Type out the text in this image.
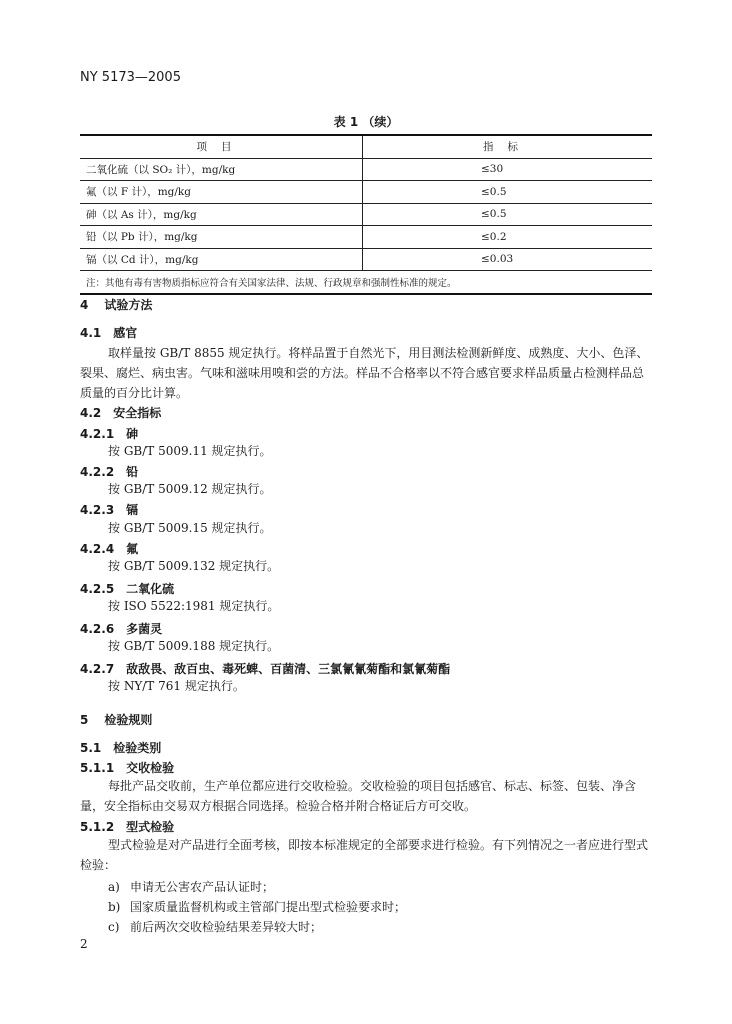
NY 5173—2005
表 1 （续）
项目	指标
二氧化硫（以 SO₂ 计），mg/kg	≤30
氟（以 F 计），mg/kg	≤0.5
砷（以 As 计），mg/kg	≤0.5
铅（以 Pb 计），mg/kg	≤0.2
镉（以 Cd 计），mg/kg	≤0.03
注：其他有毒有害物质指标应符合有关国家法律、法规、行政规章和强制性标准的规定。	
4 试验方法
4.1 感官
取样量按 GB/T 8855 规定执行。将样品置于自然光下，用目测法检测新鲜度、成熟度、大小、色泽、裂果、腐烂、病虫害。气味和滋味用嗅和尝的方法。样品不合格率以不符合感官要求样品质量占检测样品总质量的百分比计算。
4.2 安全指标
4.2.1 砷
按 GB/T 5009.11 规定执行。
4.2.2 铅
按 GB/T 5009.12 规定执行。
4.2.3 镉
按 GB/T 5009.15 规定执行。
4.2.4 氟
按 GB/T 5009.132 规定执行。
4.2.5 二氧化硫
按 ISO 5522:1981 规定执行。
4.2.6 多菌灵
按 GB/T 5009.188 规定执行。
4.2.7 敌敌畏、敌百虫、毒死蜱、百菌清、三氯氰氰菊酯和氯氰菊酯
按 NY/T 761 规定执行。
5 检验规则
5.1 检验类别
5.1.1 交收检验
每批产品交收前，生产单位都应进行交收检验。交收检验的项目包括感官、标志、标签、包装、净含量，安全指标由交易双方根据合同选择。检验合格并附合格证后方可交收。
5.1.2 型式检验
型式检验是对产品进行全面考核，即按本标准规定的全部要求进行检验。有下列情况之一者应进行型式检验：
a) 申请无公害农产品认证时；
b) 国家质量监督机构或主管部门提出型式检验要求时；
c) 前后两次交收检验结果差异较大时；
2
